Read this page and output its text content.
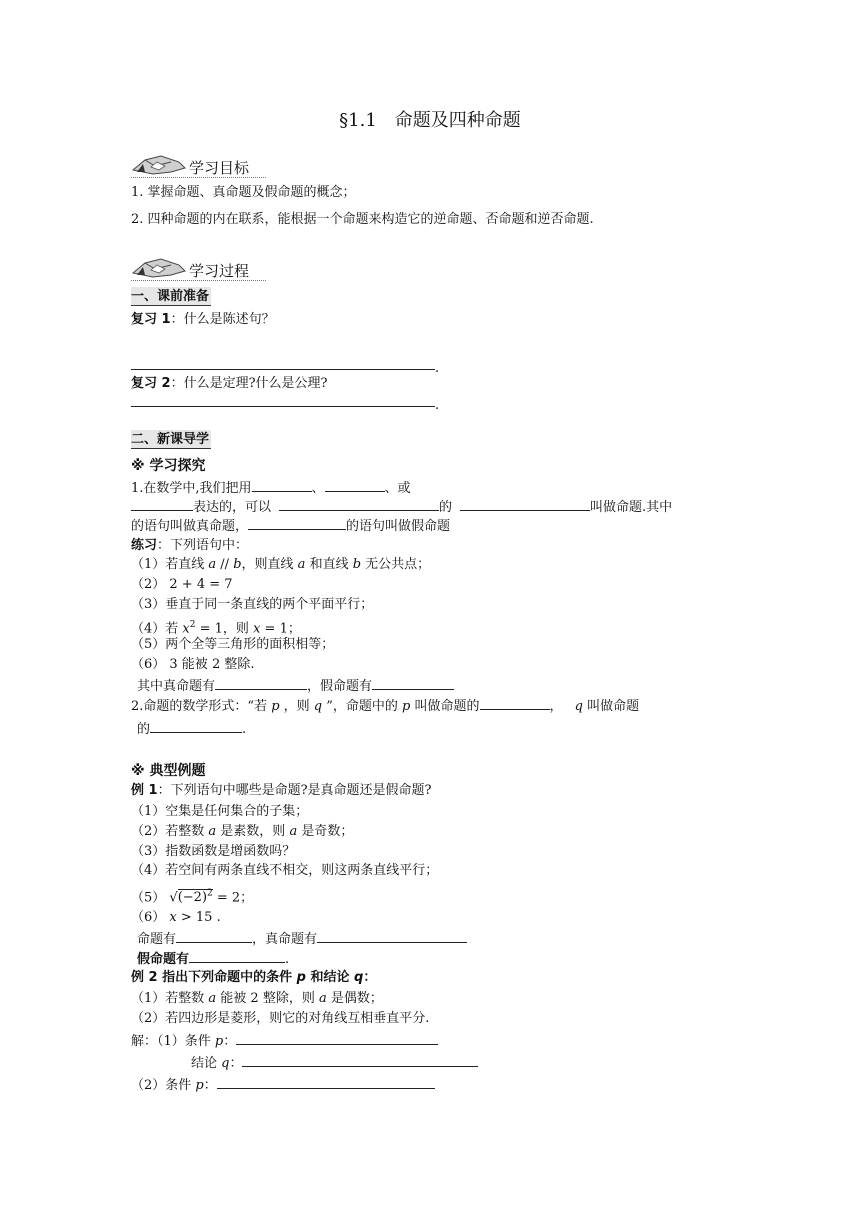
§1.1　命题及四种命题
学习目标
1. 掌握命题、真命题及假命题的概念；
2. 四种命题的内在联系，能根据一个命题来构造它的逆命题、否命题和逆否命题.
学习过程
一、课前准备
复习 1：什么是陈述句？
.
复习 2：什么是定理?什么是公理?
.
二、新课导学
※ 学习探究
1.在数学中,我们把用	、	、或
表达的，可以	的	叫做命题.其中
的语句叫做真命题，	的语句叫做假命题
练习：下列语句中：
（1）若直线 a // b，则直线 a 和直线 b 无公共点；
（2） 2 + 4 = 7
（3）垂直于同一条直线的两个平面平行；
（4）若 $x^2 = 1$，则 x = 1；
（5）两个全等三角形的面积相等；
（6） 3 能被 2 整除.
其中真命题有	，假命题有
2.命题的数学形式：“若 p ，则 q ”，命题中的 p 叫做命题的	， q 叫做命题
的	.
※ 典型例题
例 1：下列语句中哪些是命题?是真命题还是假命题?
（1）空集是任何集合的子集；
（2）若整数 a 是素数，则 a 是奇数；
（3）指数函数是增函数吗？
（4）若空间有两条直线不相交，则这两条直线平行；
（5） $√(-2)^2 = 2$；
（6） x > 15 .
命题有	，真命题有
假命题有	.
例 2 指出下列命题中的条件 p 和结论 q：
（1）若整数 a 能被 2 整除，则 a 是偶数；
（2）若四边形是菱形，则它的对角线互相垂直平分.
解：（1）条件 p：
结论 q：
（2）条件 p：
